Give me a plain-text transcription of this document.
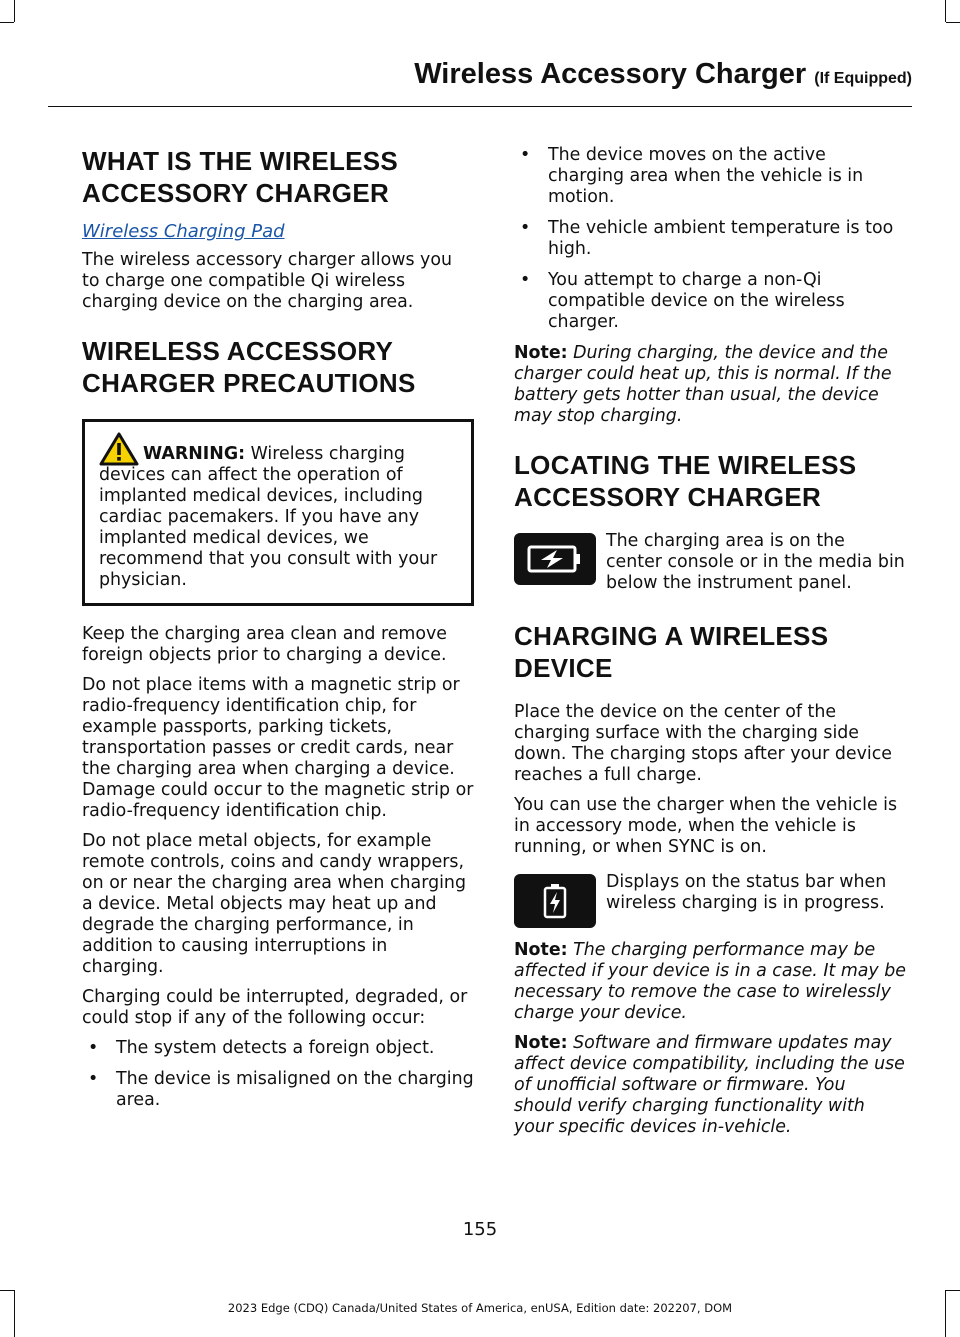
Wireless Accessory Charger (If Equipped)
WHAT IS THE WIRELESS
ACCESSORY CHARGER
Wireless Charging Pad

The wireless accessory charger allows you to charge one compatible Qi wireless charging device on the charging area.

WIRELESS ACCESSORY
CHARGER PRECAUTIONS

WARNING: Wireless charging devices can affect the operation of implanted medical devices, including cardiac pacemakers. If you have any implanted medical devices, we recommend that you consult with your physician.

Keep the charging area clean and remove foreign objects prior to charging a device.

Do not place items with a magnetic strip or radio-frequency identification chip, for example passports, parking tickets, transportation passes or credit cards, near the charging area when charging a device. Damage could occur to the magnetic strip or radio-frequency identification chip.

Do not place metal objects, for example remote controls, coins and candy wrappers, on or near the charging area when charging a device. Metal objects may heat up and degrade the charging performance, in addition to causing interruptions in charging.

Charging could be interrupted, degraded, or could stop if any of the following occur:

• The system detects a foreign object.
• The device is misaligned on the charging area.
• The device moves on the active charging area when the vehicle is in motion.
• The vehicle ambient temperature is too high.
• You attempt to charge a non-Qi compatible device on the wireless charger.

Note: During charging, the device and the charger could heat up, this is normal. If the battery gets hotter than usual, the device may stop charging.

LOCATING THE WIRELESS
ACCESSORY CHARGER

The charging area is on the center console or in the media bin below the instrument panel.

CHARGING A WIRELESS
DEVICE

Place the device on the center of the charging surface with the charging side down. The charging stops after your device reaches a full charge.

You can use the charger when the vehicle is in accessory mode, when the vehicle is running, or when SYNC is on.

Displays on the status bar when wireless charging is in progress.

Note: The charging performance may be affected if your device is in a case. It may be necessary to remove the case to wirelessly charge your device.

Note: Software and firmware updates may affect device compatibility, including the use of unofficial software or firmware. You should verify charging functionality with your specific devices in-vehicle.

155
2023 Edge (CDQ) Canada/United States of America, enUSA, Edition date: 202207, DOM
